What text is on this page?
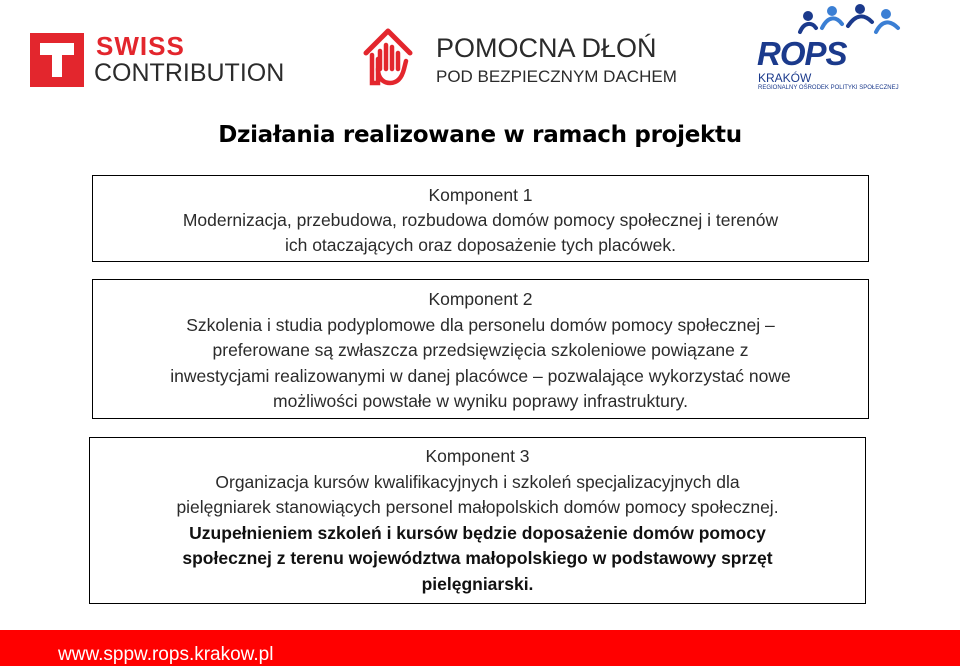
SWISS
CONTRIBUTION
POMOCNA DŁOŃ
POD BEZPIECZNYM DACHEM
ROPS
KRAKÓW
REGIONALNY OŚRODEK POLITYKI SPOŁECZNEJ
Działania realizowane w ramach projektu
Komponent 1
Modernizacja, przebudowa, rozbudowa domów pomocy społecznej i terenów
ich otaczających oraz doposażenie tych placówek.
Komponent 2
Szkolenia i studia podyplomowe dla personelu domów pomocy społecznej –
preferowane są zwłaszcza przedsięwzięcia szkoleniowe powiązane z
inwestycjami realizowanymi w danej placówce – pozwalające wykorzystać nowe
możliwości powstałe w wyniku poprawy infrastruktury.
Komponent 3
Organizacja kursów kwalifikacyjnych i szkoleń specjalizacyjnych dla
pielęgniarek stanowiących personel małopolskich domów pomocy społecznej.
Uzupełnieniem szkoleń i kursów będzie doposażenie domów pomocy
społecznej z terenu województwa małopolskiego w podstawowy sprzęt
pielęgniarski.
www.sppw.rops.krakow.pl
